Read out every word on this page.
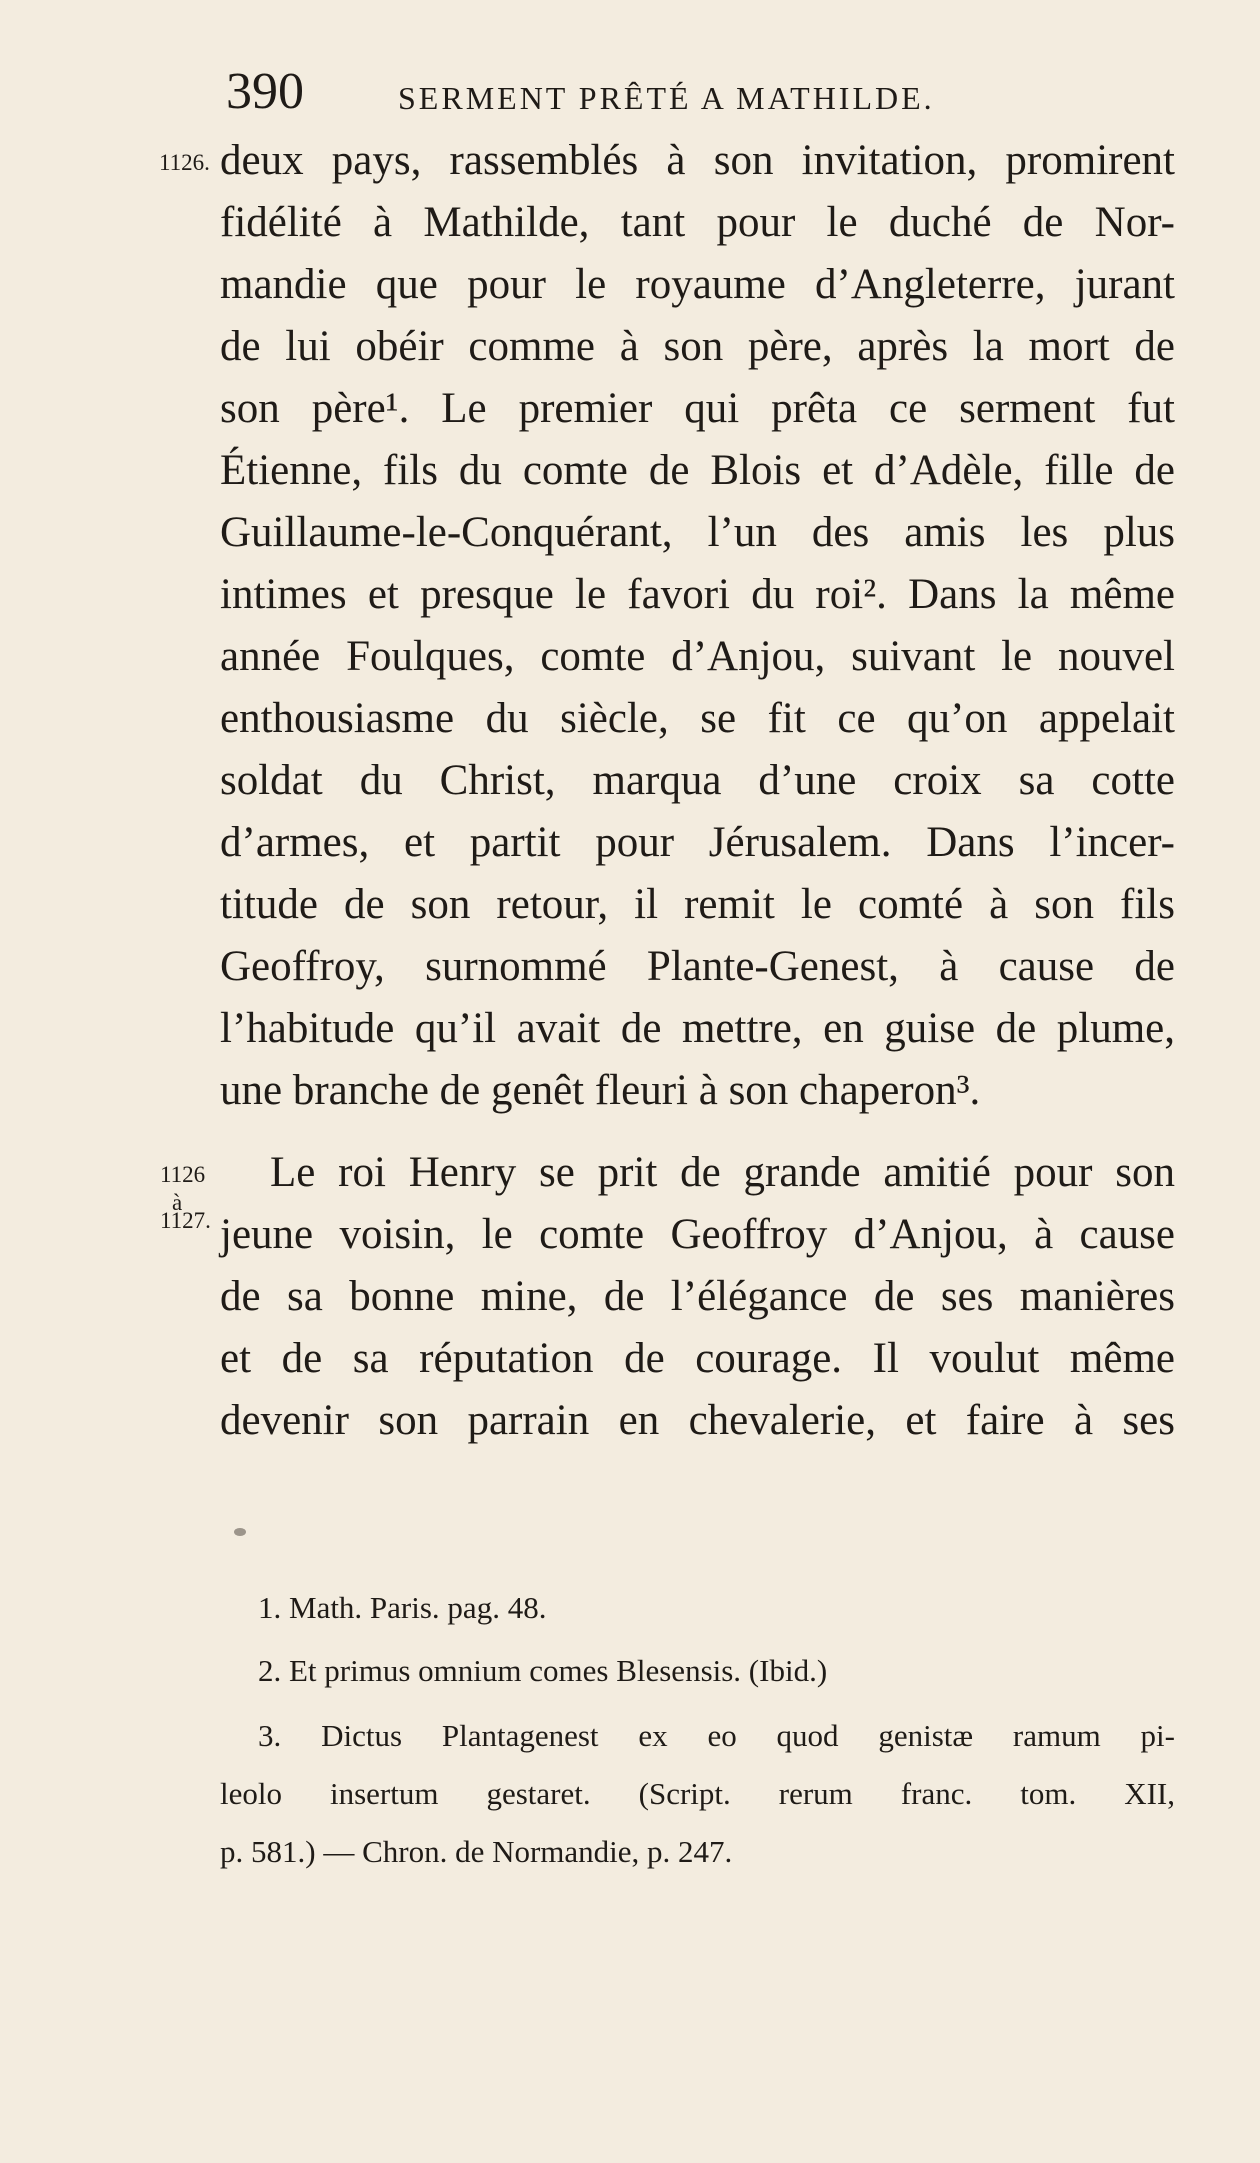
390	SERMENT PRÊTÉ A MATHILDE.
1126.
1126
à
1127.
deux pays, rassemblés à son invitation, promirent
fidélité à Mathilde, tant pour le duché de Nor-
mandie que pour le royaume d’Angleterre, jurant
de lui obéir comme à son père, après la mort de
son père¹. Le premier qui prêta ce serment fut
Étienne, fils du comte de Blois et d’Adèle, fille de
Guillaume-le-Conquérant, l’un des amis les plus
intimes et presque le favori du roi². Dans la même
année Foulques, comte d’Anjou, suivant le nouvel
enthousiasme du siècle, se fit ce qu’on appelait
soldat du Christ, marqua d’une croix sa cotte
d’armes, et partit pour Jérusalem. Dans l’incer-
titude de son retour, il remit le comté à son fils
Geoffroy, surnommé Plante-Genest, à cause de
l’habitude qu’il avait de mettre, en guise de plume,
une branche de genêt fleuri à son chaperon³.
Le roi Henry se prit de grande amitié pour son
jeune voisin, le comte Geoffroy d’Anjou, à cause
de sa bonne mine, de l’élégance de ses manières
et de sa réputation de courage. Il voulut même
devenir son parrain en chevalerie, et faire à ses
1. Math. Paris. pag. 48.
2. Et primus omnium comes Blesensis. (Ibid.)
3. Dictus Plantagenest ex eo quod genistæ ramum pi-
leolo insertum gestaret. (Script. rerum franc. tom. XII,
p. 581.) — Chron. de Normandie, p. 247.
